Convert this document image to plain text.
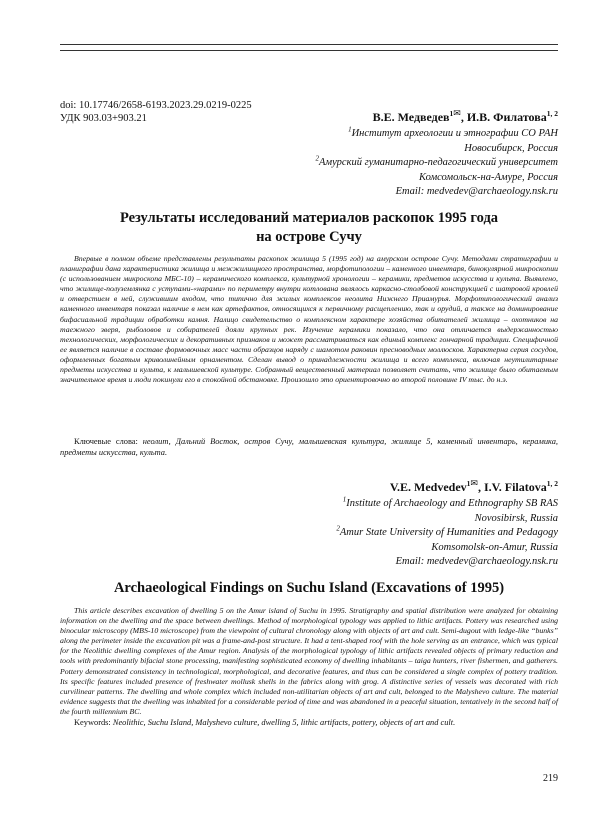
doi: 10.17746/2658-6193.2023.29.0219-0225
УДК 903.03+903.21	В.Е. Медведев$^1$✉, И.В. Филатова$^{1, 2}$
$^1$Институт археологии и этнографии СО РАН
Новосибирск, Россия
$^2$Амурский гуманитарно-педагогический университет
Комсомольск-на-Амуре, Россия
Email: medvedev@archaeology.nsk.ru
Результаты исследований материалов раскопок 1995 года
на острове Сучу
Впервые в полном объеме представлены результаты раскопок жилища 5 (1995 год) на амурском острове Сучу. Методами стратиграфии и планиграфии дана характеристика жилища и межжилищного пространства, морфотипологии – каменного инвентаря, бинокулярной микроскопии (с использованием микроскопа МБС-10) – керамического комплекса, культурной хронологии – керамики, предметов искусства и культа. Выявлено, что жилище-полуземлянка с уступами-«нарами» по периметру внутри котлована являлось каркасно-столбовой конструкцией с шатровой кровлей и отверстием в ней, служившим входом, что типично для жилых комплексов неолита Нижнего Приамурья. Морфотипологический анализ каменного инвентаря показал наличие в нем как артефактов, относящихся к первичному расщеплению, так и орудий, а также на доминирование бифасиальной традиции обработки камня. Налицо свидетельство о комплексном характере хозяйства обитателей жилища – охотников на таежного зверя, рыболовов и собирателей дояли крупных рек. Изучение керамики показало, что она отличается выдержанностью технологических, морфологических и декоративных признаков и может рассматриваться как единый комплекс гончарной традиции. Специфичной ее является наличие в составе формовочных масс части образцов наряду с шамотом раковин пресноводных моллюсков. Характерна серия сосудов, оформленных богатым криволинейным орнаментом. Сделан вывод о принадлежности жилища и всего комплекса, включая неутилитарные предметы искусства и культа, к малышевской культуре. Собранный вещественный материал позволяет считать, что жилище было обитаемым значительное время и люди покинули его в спокойной обстановке. Произошло это ориентировочно во второй половине IV тыс. до н.э.
Ключевые слова: неолит, Дальний Восток, остров Сучу, малышевская культура, жилище 5, каменный инвентарь, керамика, предметы искусства, культа.
V.E. Medvedev$^1$✉, I.V. Filatova$^{1, 2}$
$^1$Institute of Archaeology and Ethnography SB RAS
Novosibirsk, Russia
$^2$Amur State University of Humanities and Pedagogy
Komsomolsk-on-Amur, Russia
Email: medvedev@archaeology.nsk.ru
Archaeological Findings on Suchu Island (Excavations of 1995)
This article describes excavation of dwelling 5 on the Amur island of Suchu in 1995. Stratigraphy and spatial distribution were analyzed for obtaining information on the dwelling and the space between dwellings. Method of morphological typology was applied to lithic artifacts. Pottery was researched using binocular microscopy (MBS-10 microscope) from the viewpoint of cultural chronology along with objects of art and cult. Semi-dugout with ledge-like “bunks” along the perimeter inside the excavation pit was a frame-and-post structure. It had a tent-shaped roof with the hole serving as an entrance, which was typical for the Neolithic dwelling complexes of the Amur region. Analysis of the morphological typology of lithic artifacts revealed objects of primary reduction and tools with predominantly bifacial stone processing, manifesting sophisticated economy of dwelling inhabitants – taiga hunters, river fishermen, and gatherers. Pottery demonstrated consistency in technological, morphological, and decorative features, and thus can be considered a single complex of pottery tradition. Its specific features included presence of freshwater mollusk shells in the fabrics along with grog. A distinctive series of vessels was decorated with rich curvilinear patterns. The dwelling and whole complex which included non-utilitarian objects of art and cult, belonged to the Malyshevo culture. The material evidence suggests that the dwelling was inhabited for a considerable period of time and was abandoned in a peaceful situation, tentatively in the second half of the fourth millennium BC.
Keywords: Neolithic, Suchu Island, Malyshevo culture, dwelling 5, lithic artifacts, pottery, objects of art and cult.
219
